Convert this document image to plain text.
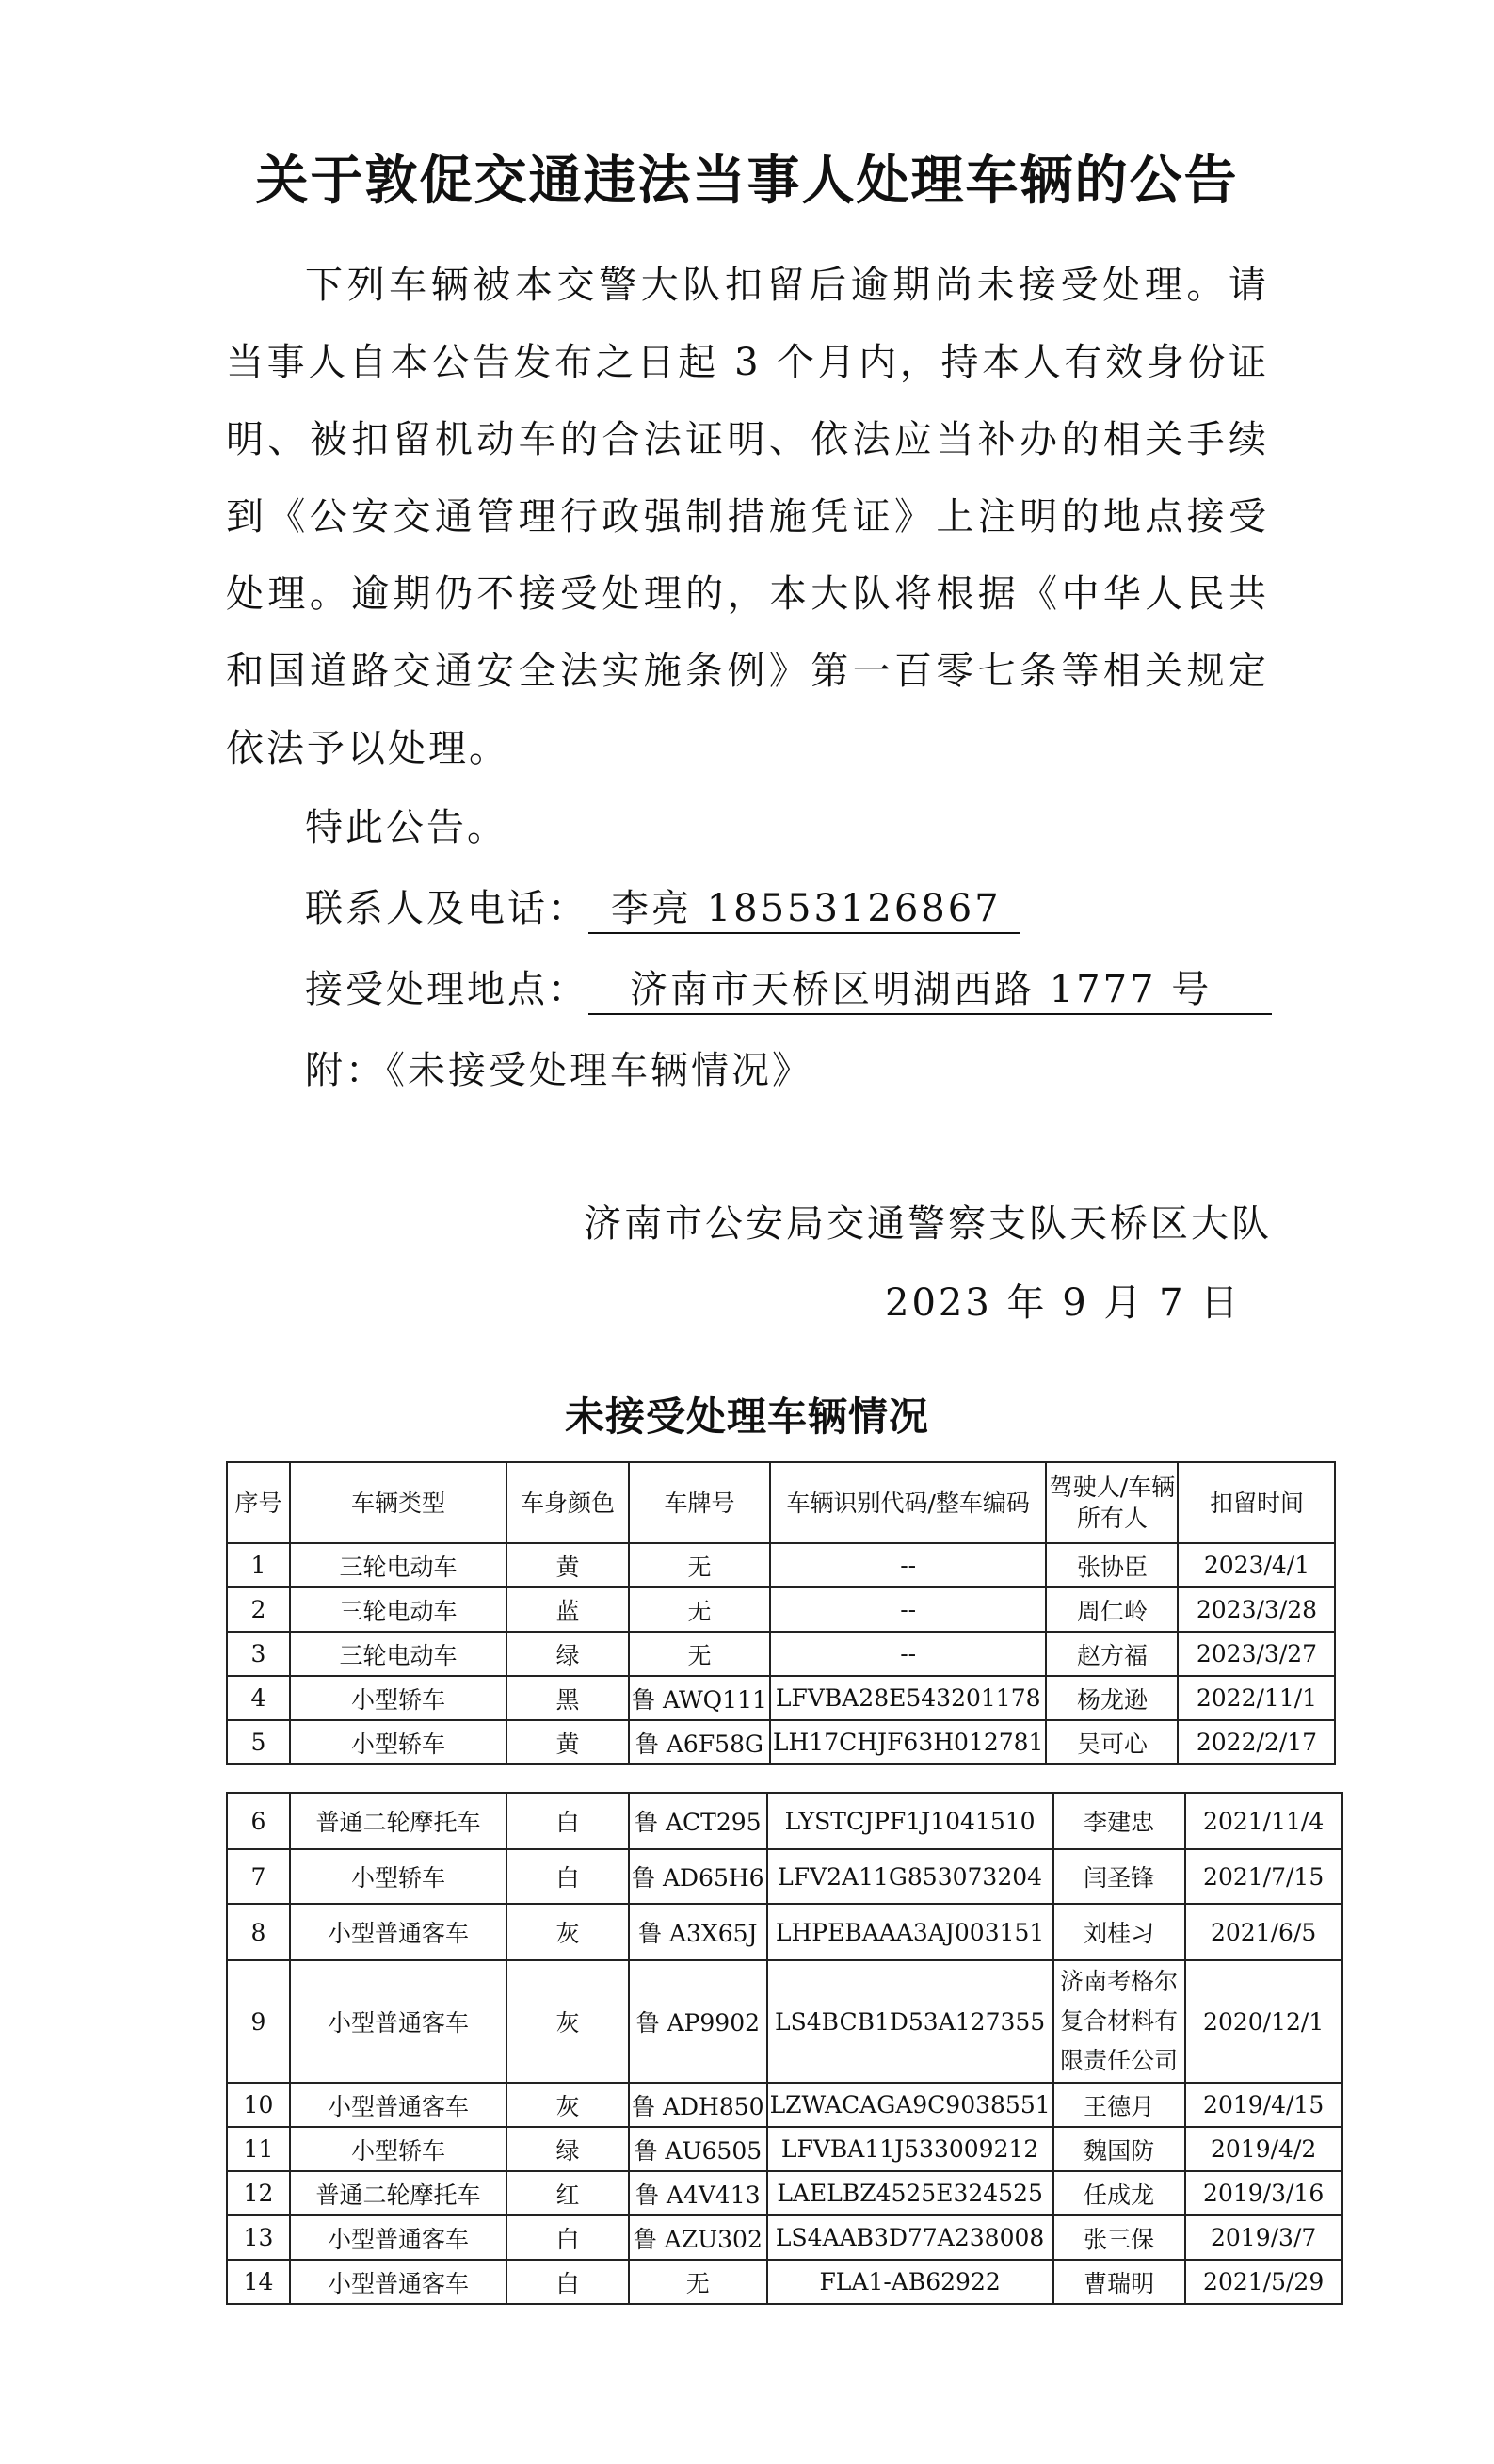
关于敦促交通违法当事人处理车辆的公告

下列车辆被本交警大队扣留后逾期尚未接受处理。请当事人自本公告发布之日起 3 个月内，持本人有效身份证明、被扣留机动车的合法证明、依法应当补办的相关手续到《公安交通管理行政强制措施凭证》上注明的地点接受处理。逾期仍不接受处理的，本大队将根据《中华人民共和国道路交通安全法实施条例》第一百零七条等相关规定依法予以处理。

特此公告。
联系人及电话： 李亮 18553126867
接受处理地点： 济南市天桥区明湖西路 1777 号
附：《未接受处理车辆情况》
济南市公安局交通警察支队天桥区大队
2023 年 9 月 7 日
未接受处理车辆情况
序号	车辆类型	车身颜色	车牌号	车辆识别代码/整车编码	驾驶人/车辆所有人	扣留时间
1	三轮电动车	黄	无	--	张协臣	2023/4/1
2	三轮电动车	蓝	无	--	周仁岭	2023/3/28
3	三轮电动车	绿	无	--	赵方福	2023/3/27
4	小型轿车	黑	鲁 AWQ111	LFVBA28E543201178	杨龙逊	2022/11/1
5	小型轿车	黄	鲁 A6F58G	LH17CHJF63H012781	吴可心	2022/2/17
6	普通二轮摩托车	白	鲁 ACT295	LYSTCJPF1J1041510	李建忠	2021/11/4
7	小型轿车	白	鲁 AD65H6	LFV2A11G853073204	闫圣锋	2021/7/15
8	小型普通客车	灰	鲁 A3X65J	LHPEBAAA3AJ003151	刘桂习	2021/6/5
9	小型普通客车	灰	鲁 AP9902	LS4BCB1D53A127355	济南考格尔复合材料有限责任公司	2020/12/1
10	小型普通客车	灰	鲁 ADH850	LZWACAGA9C9038551	王德月	2019/4/15
11	小型轿车	绿	鲁 AU6505	LFVBA11J533009212	魏国防	2019/4/2
12	普通二轮摩托车	红	鲁 A4V413	LAELBZ4525E324525	任成龙	2019/3/16
13	小型普通客车	白	鲁 AZU302	LS4AAB3D77A238008	张三保	2019/3/7
14	小型普通客车	白	无	FLA1-AB62922	曹瑞明	2021/5/29
